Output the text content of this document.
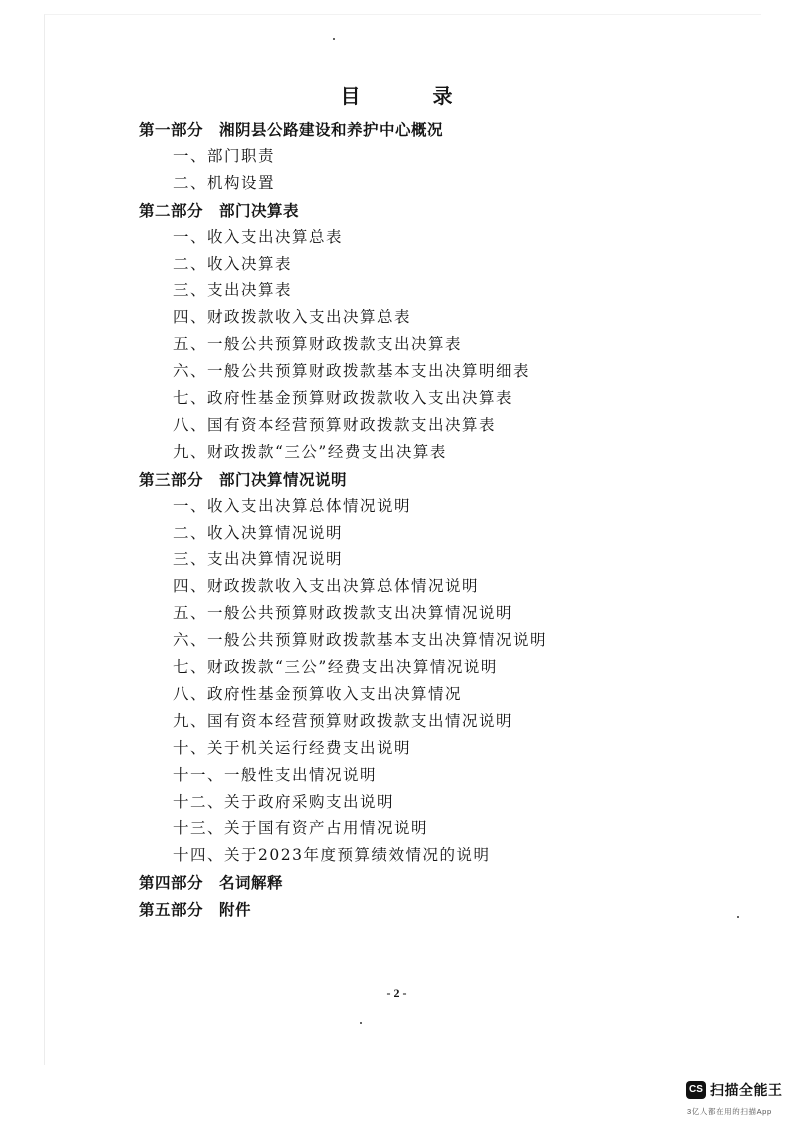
目　录
第一部分　湘阴县公路建设和养护中心概况
一、部门职责
二、机构设置
第二部分　部门决算表
一、收入支出决算总表
二、收入决算表
三、支出决算表
四、财政拨款收入支出决算总表
五、一般公共预算财政拨款支出决算表
六、一般公共预算财政拨款基本支出决算明细表
七、政府性基金预算财政拨款收入支出决算表
八、国有资本经营预算财政拨款支出决算表
九、财政拨款“三公”经费支出决算表
第三部分　部门决算情况说明
一、收入支出决算总体情况说明
二、收入决算情况说明
三、支出决算情况说明
四、财政拨款收入支出决算总体情况说明
五、一般公共预算财政拨款支出决算情况说明
六、一般公共预算财政拨款基本支出决算情况说明
七、财政拨款“三公”经费支出决算情况说明
八、政府性基金预算收入支出决算情况
九、国有资本经营预算财政拨款支出情况说明
十、关于机关运行经费支出说明
十一、一般性支出情况说明
十二、关于政府采购支出说明
十三、关于国有资产占用情况说明
十四、关于2023年度预算绩效情况的说明
第四部分　名词解释
第五部分　附件
- 2 -
CS 扫描全能王
3亿人都在用的扫描App
